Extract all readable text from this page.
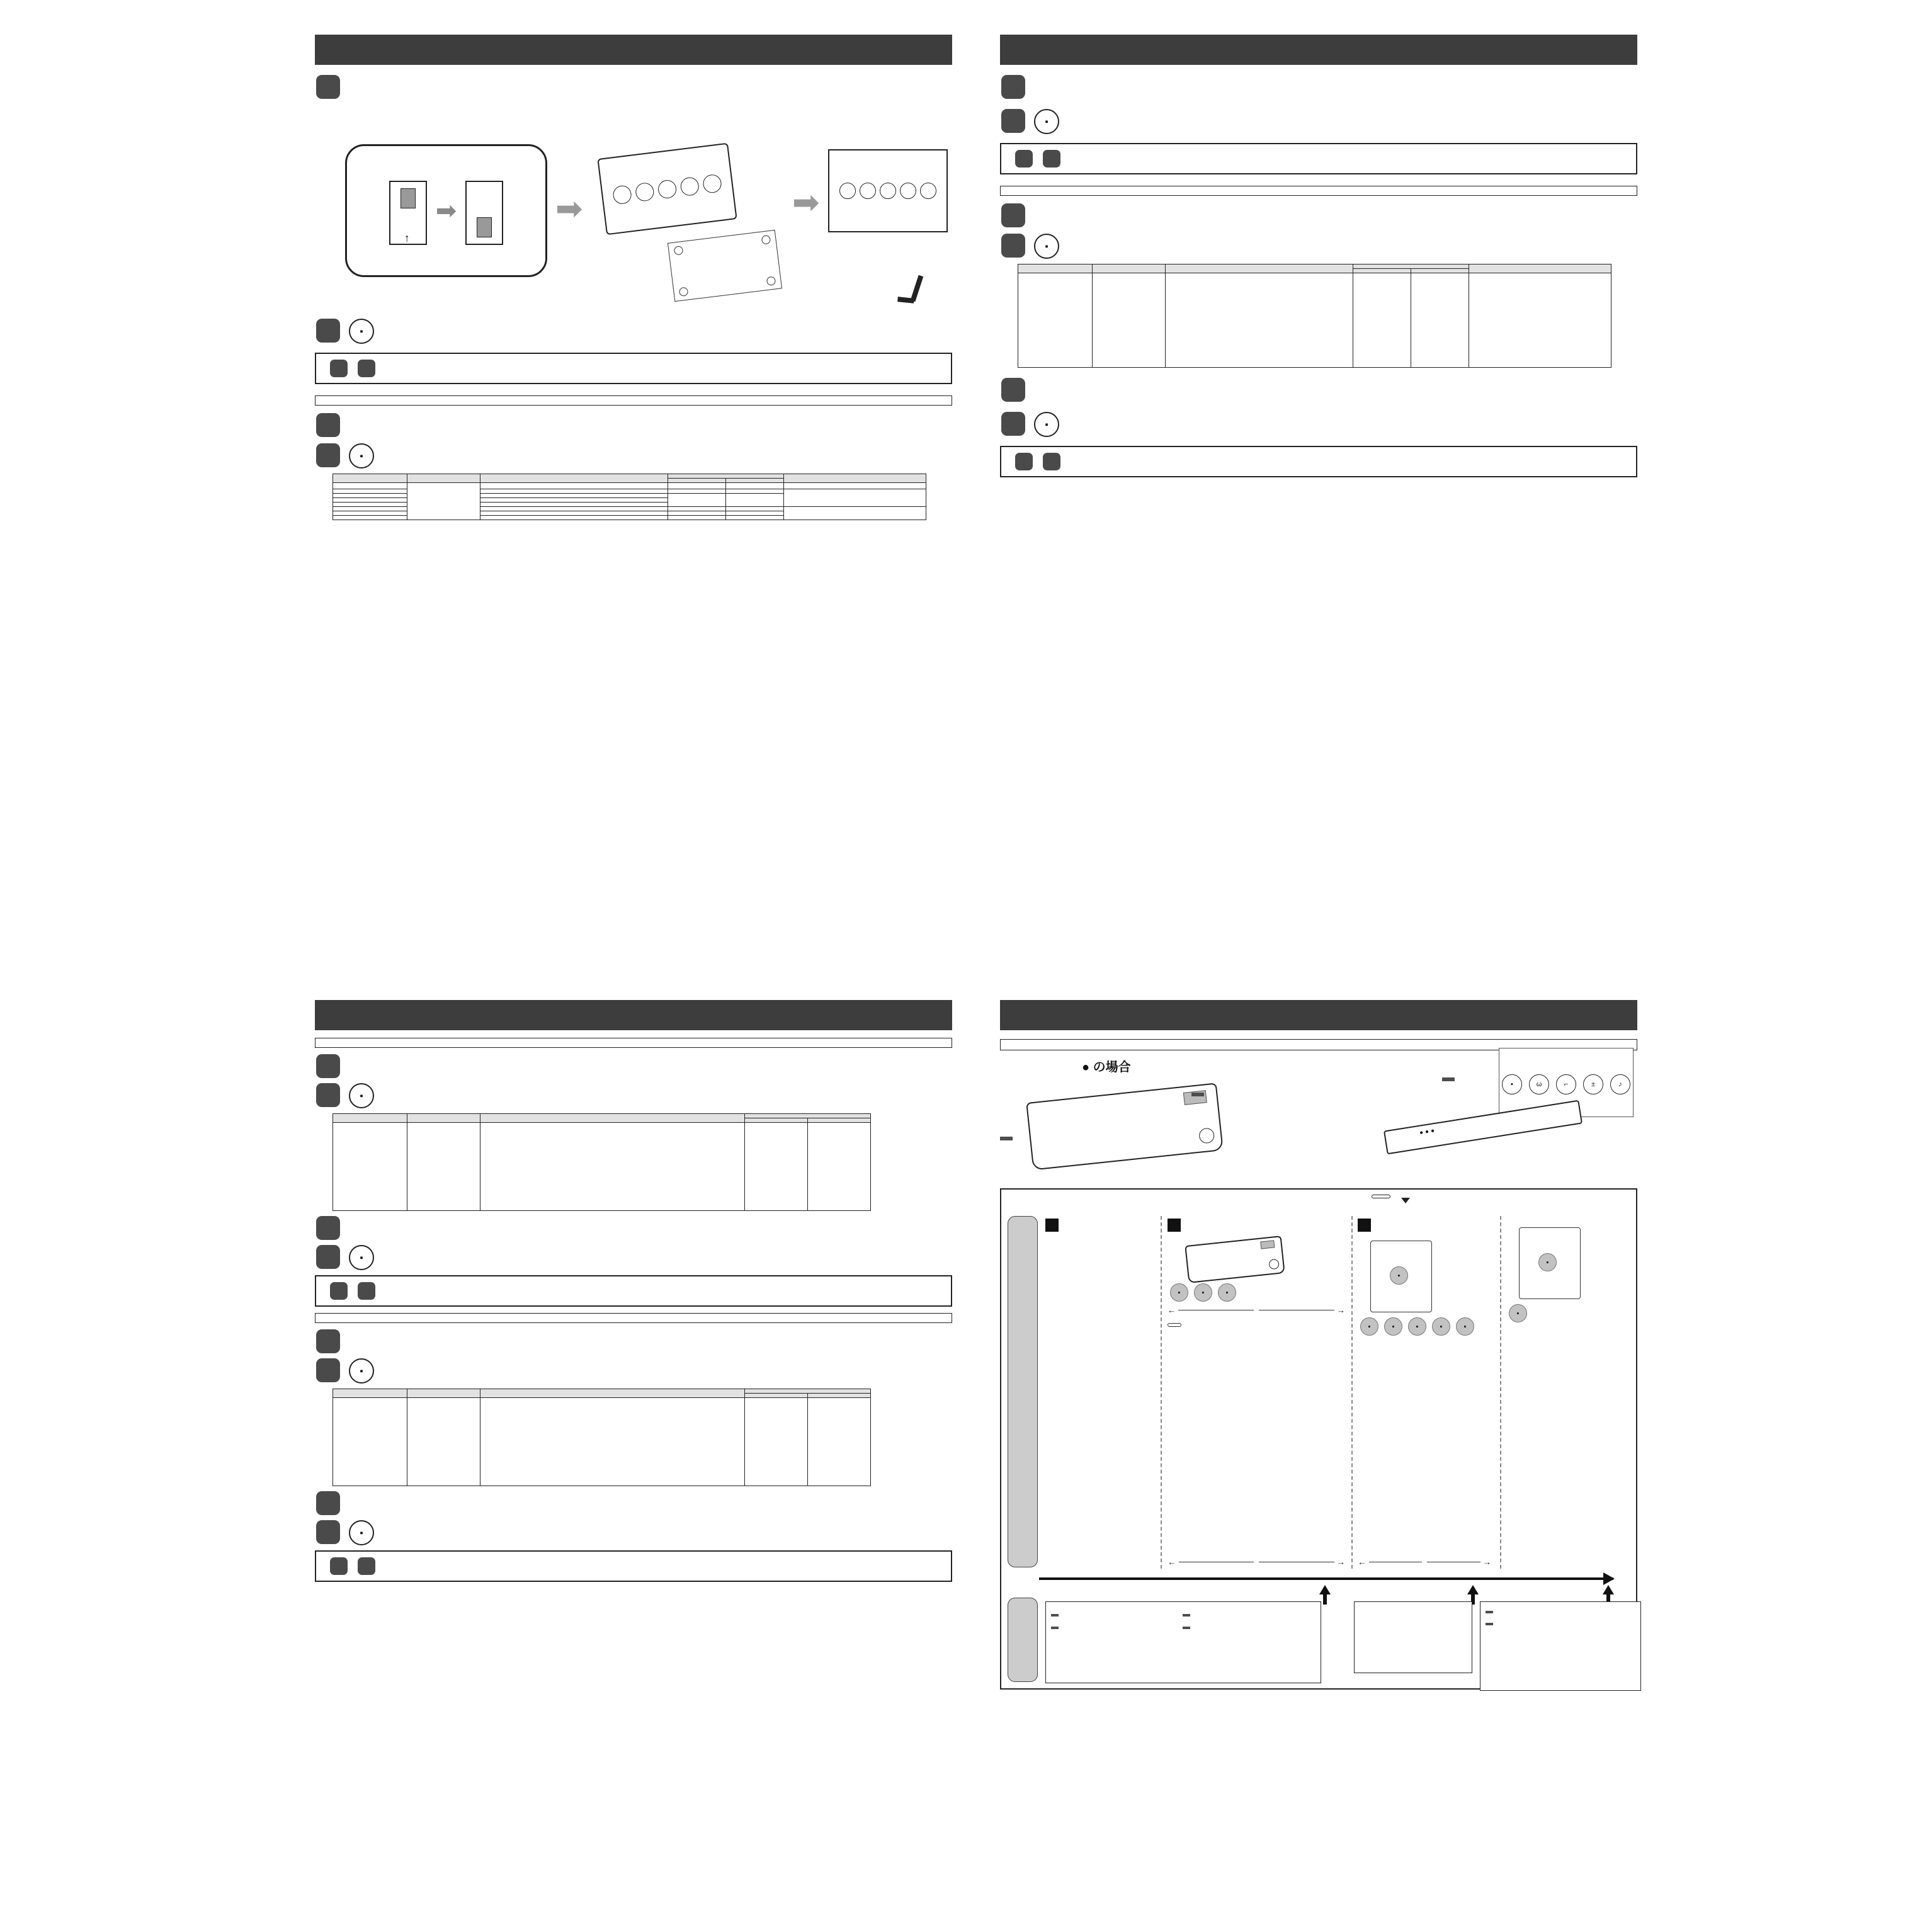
↑
➡	➡	➡
▪
▪

▪
▪

▪
▪

▪
▪

▪
▪	ω	⌐	±	♪
● の場合
●●●
▪	▪	▪
←	→
▪
▪	▪	▪	▪	▪
▪
▪
←	→ ←	→
